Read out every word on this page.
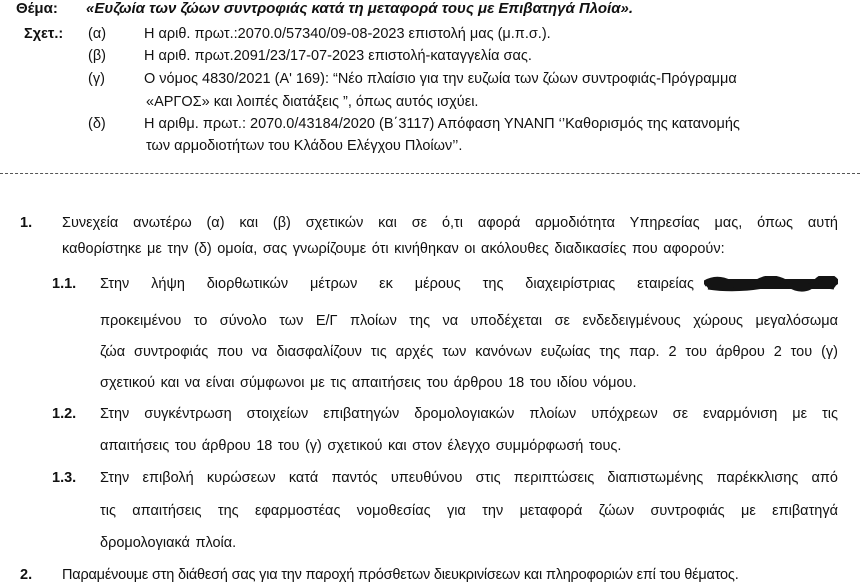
Θέμα: «Ευζωία των ζώων συντροφιάς κατά τη μεταφορά τους με Επιβατηγά Πλοία».
Σχετ.: (α)	Η αριθ. πρωτ.:2070.0/57340/09-08-2023 επιστολή μας (μ.π.σ.).
(β)	Η αριθ. πρωτ.2091/23/17-07-2023 επιστολή-καταγγελία σας.
(γ)	Ο νόμος 4830/2021 (Α' 169): “Νέο πλαίσιο για την ευζωία των ζώων συντροφιάς-Πρόγραμμα
«ΑΡΓΟΣ» και λοιπές διατάξεις ”, όπως αυτός ισχύει.
(δ)	Η αριθμ. πρωτ.: 2070.0/43184/2020 (Β΄3117) Απόφαση ΥΝΑΝΠ ‘’Καθορισμός της κατανομής
των αρμοδιοτήτων του Κλάδου Ελέγχου Πλοίων’’.
1. Συνεχεία ανωτέρω (α) και (β) σχετικών και σε ό,τι αφορά αρμοδιότητα Υπηρεσίας μας, όπως αυτή
καθορίστηκε με την (δ) ομοία, σας γνωρίζουμε ότι κινήθηκαν οι ακόλουθες διαδικασίες που αφορούν:
1.1. Στην λήψη διορθωτικών μέτρων εκ μέρους της διαχειρίστριας εταιρείας
προκειμένου το σύνολο των Ε/Γ πλοίων της να υποδέχεται σε ενδεδειγμένους χώρους μεγαλόσωμα
ζώα συντροφιάς που να διασφαλίζουν τις αρχές των κανόνων ευζωίας της παρ. 2 του άρθρου 2 του (γ)
σχετικού και να είναι σύμφωνοι με τις απαιτήσεις του άρθρου 18 του ιδίου νόμου.
1.2. Στην συγκέντρωση στοιχείων επιβατηγών δρομολογιακών πλοίων υπόχρεων σε εναρμόνιση με τις
απαιτήσεις του άρθρου 18 του (γ) σχετικού και στον έλεγχο συμμόρφωσή τους.
1.3. Στην επιβολή κυρώσεων κατά παντός υπευθύνου στις περιπτώσεις διαπιστωμένης παρέκκλισης από
τις απαιτήσεις της εφαρμοστέας νομοθεσίας για την μεταφορά ζώων συντροφιάς με επιβατηγά
δρομολογιακά πλοία.
2. Παραμένουμε στη διάθεσή σας για την παροχή πρόσθετων διευκρινίσεων και πληροφοριών επί του θέματος.
